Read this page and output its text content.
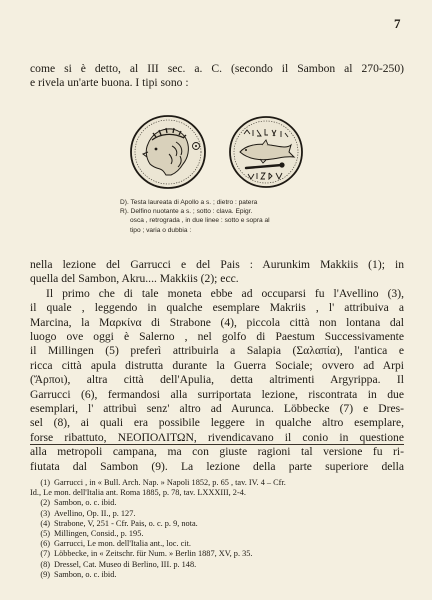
7
come si è detto, al III sec. a. C. (secondo il Sambon al 270-250)
e rivela un'arte buona. I tipi sono :
D). Testa laureata di Apollo a s. ; dietro : patera
R). Delfino nuotante a s. ; sotto : clava. Epigr.
osca , retrograda , in due linee : sotto e sopra al
tipo ; varia o dubbia :
nella lezione del Garrucci e del Pais : Aurunkim Makkiis (1); in
quella del Sambon, Akru.... Makkiis (2); ecc.
Il primo che di tale moneta ebbe ad occuparsi fu l'Avellino (3),
il quale , leggendo in qualche esemplare Makriis , l' attribuiva a
Marcina, la Μαρκίνα di Strabone (4), piccola città non lontana dal
luogo ove oggi è Salerno , nel golfo di Paestum Successivamente
il Millingen (5) preferì attribuirla a Salapia (Σαλαπία), l'antica e
ricca città apula distrutta durante la Guerra Sociale; ovvero ad Arpi
(Ἄρποι), altra città dell'Apulia, detta altrimenti Argyrippa. Il
Garrucci (6), fermandosi alla surriportata lezione, riscontrata in due
esemplari, l' attribuì senz' altro ad Aurunca. Löbbecke (7) e Dres-
sel (8), ai quali era possibile leggere in qualche altro esemplare,
forse ribattuto, ΝΕΟΠΟΛΙΤΩΝ, rivendicavano il conio in questione
alla metropoli campana, ma con giuste ragioni tal versione fu ri-
fiutata dal Sambon (9). La lezione della parte superiore della
(1) Garrucci , in « Bull. Arch. Nap. » Napoli 1852, p. 65 , tav. IV. 4 – Cfr.
Id., Le mon. dell'Italia ant. Roma 1885, p. 78, tav. LXXXIII, 2-4.
(2) Sambon, o. c. ibid.
(3) Avellino, Op. II., p. 127.
(4) Strabone, V, 251 - Cfr. Pais, o. c. p. 9, nota.
(5) Millingen, Consid., p. 195.
(6) Garrucci, Le mon. dell'Italia ant., loc. cit.
(7) Löbbecke, in « Zeitschr. für Num. » Berlin 1887, XV, p. 35.
(8) Dressel, Cat. Museo di Berlino, III. p. 148.
(9) Sambon, o. c. ibid.
